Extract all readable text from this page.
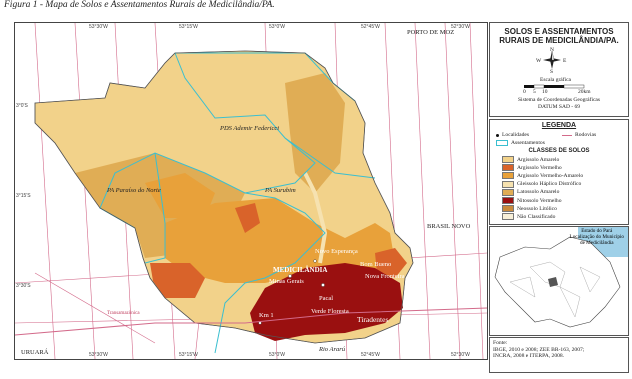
Figura 1 - Mapa de Solos e Assentamentos Rurais de Medicilândia/PA.
53°30'W	53°15'W	53°0'W	52°45'W	52°30'W
53°30'W	53°15'W	53°0'W	52°45'W	52°30'W
3°0'S
3°15'S
3°30'S
PORTO DE MOZ
BRASIL NOVO
URUARÁ
MEDICILÂNDIA
Novo Esperança
Bom Bueno
Nova Fronteira
Pacal
Tiradentes
Verde Floresta
Km 1
Minas Gerais
PDS Ademir Federicci
PA Paraíso do Norte	PA Surubim
Transamazônica
Rio Ararú
SOLOS E ASSENTAMENTOS
RURAIS DE MEDICILÂNDIA/PA.
N
S
E
W
Escala gráfica
0 5 10	20km
Sistema de Coordenadas Geográficas
DATUM SAD - 69
LEGENDA
Localidades	Rodovias
Assentamentos
CLASSES DE SOLOS
Argissolo Amarelo
Argissolo Vermelho
Argissolo Vermelho-Amarelo
Gleissolo Háplico Distrófico
Latossolo Amarelo
Nitossolo Vermelho
Neossolo Litólico
Não Classificado
Estado do Pará
Localização do Município
de Medicilândia
Fonte:
IBGE, 2010 e 2008; ZEE BR-163, 2007;
INCRA, 2008 e ITERPA, 2008.
